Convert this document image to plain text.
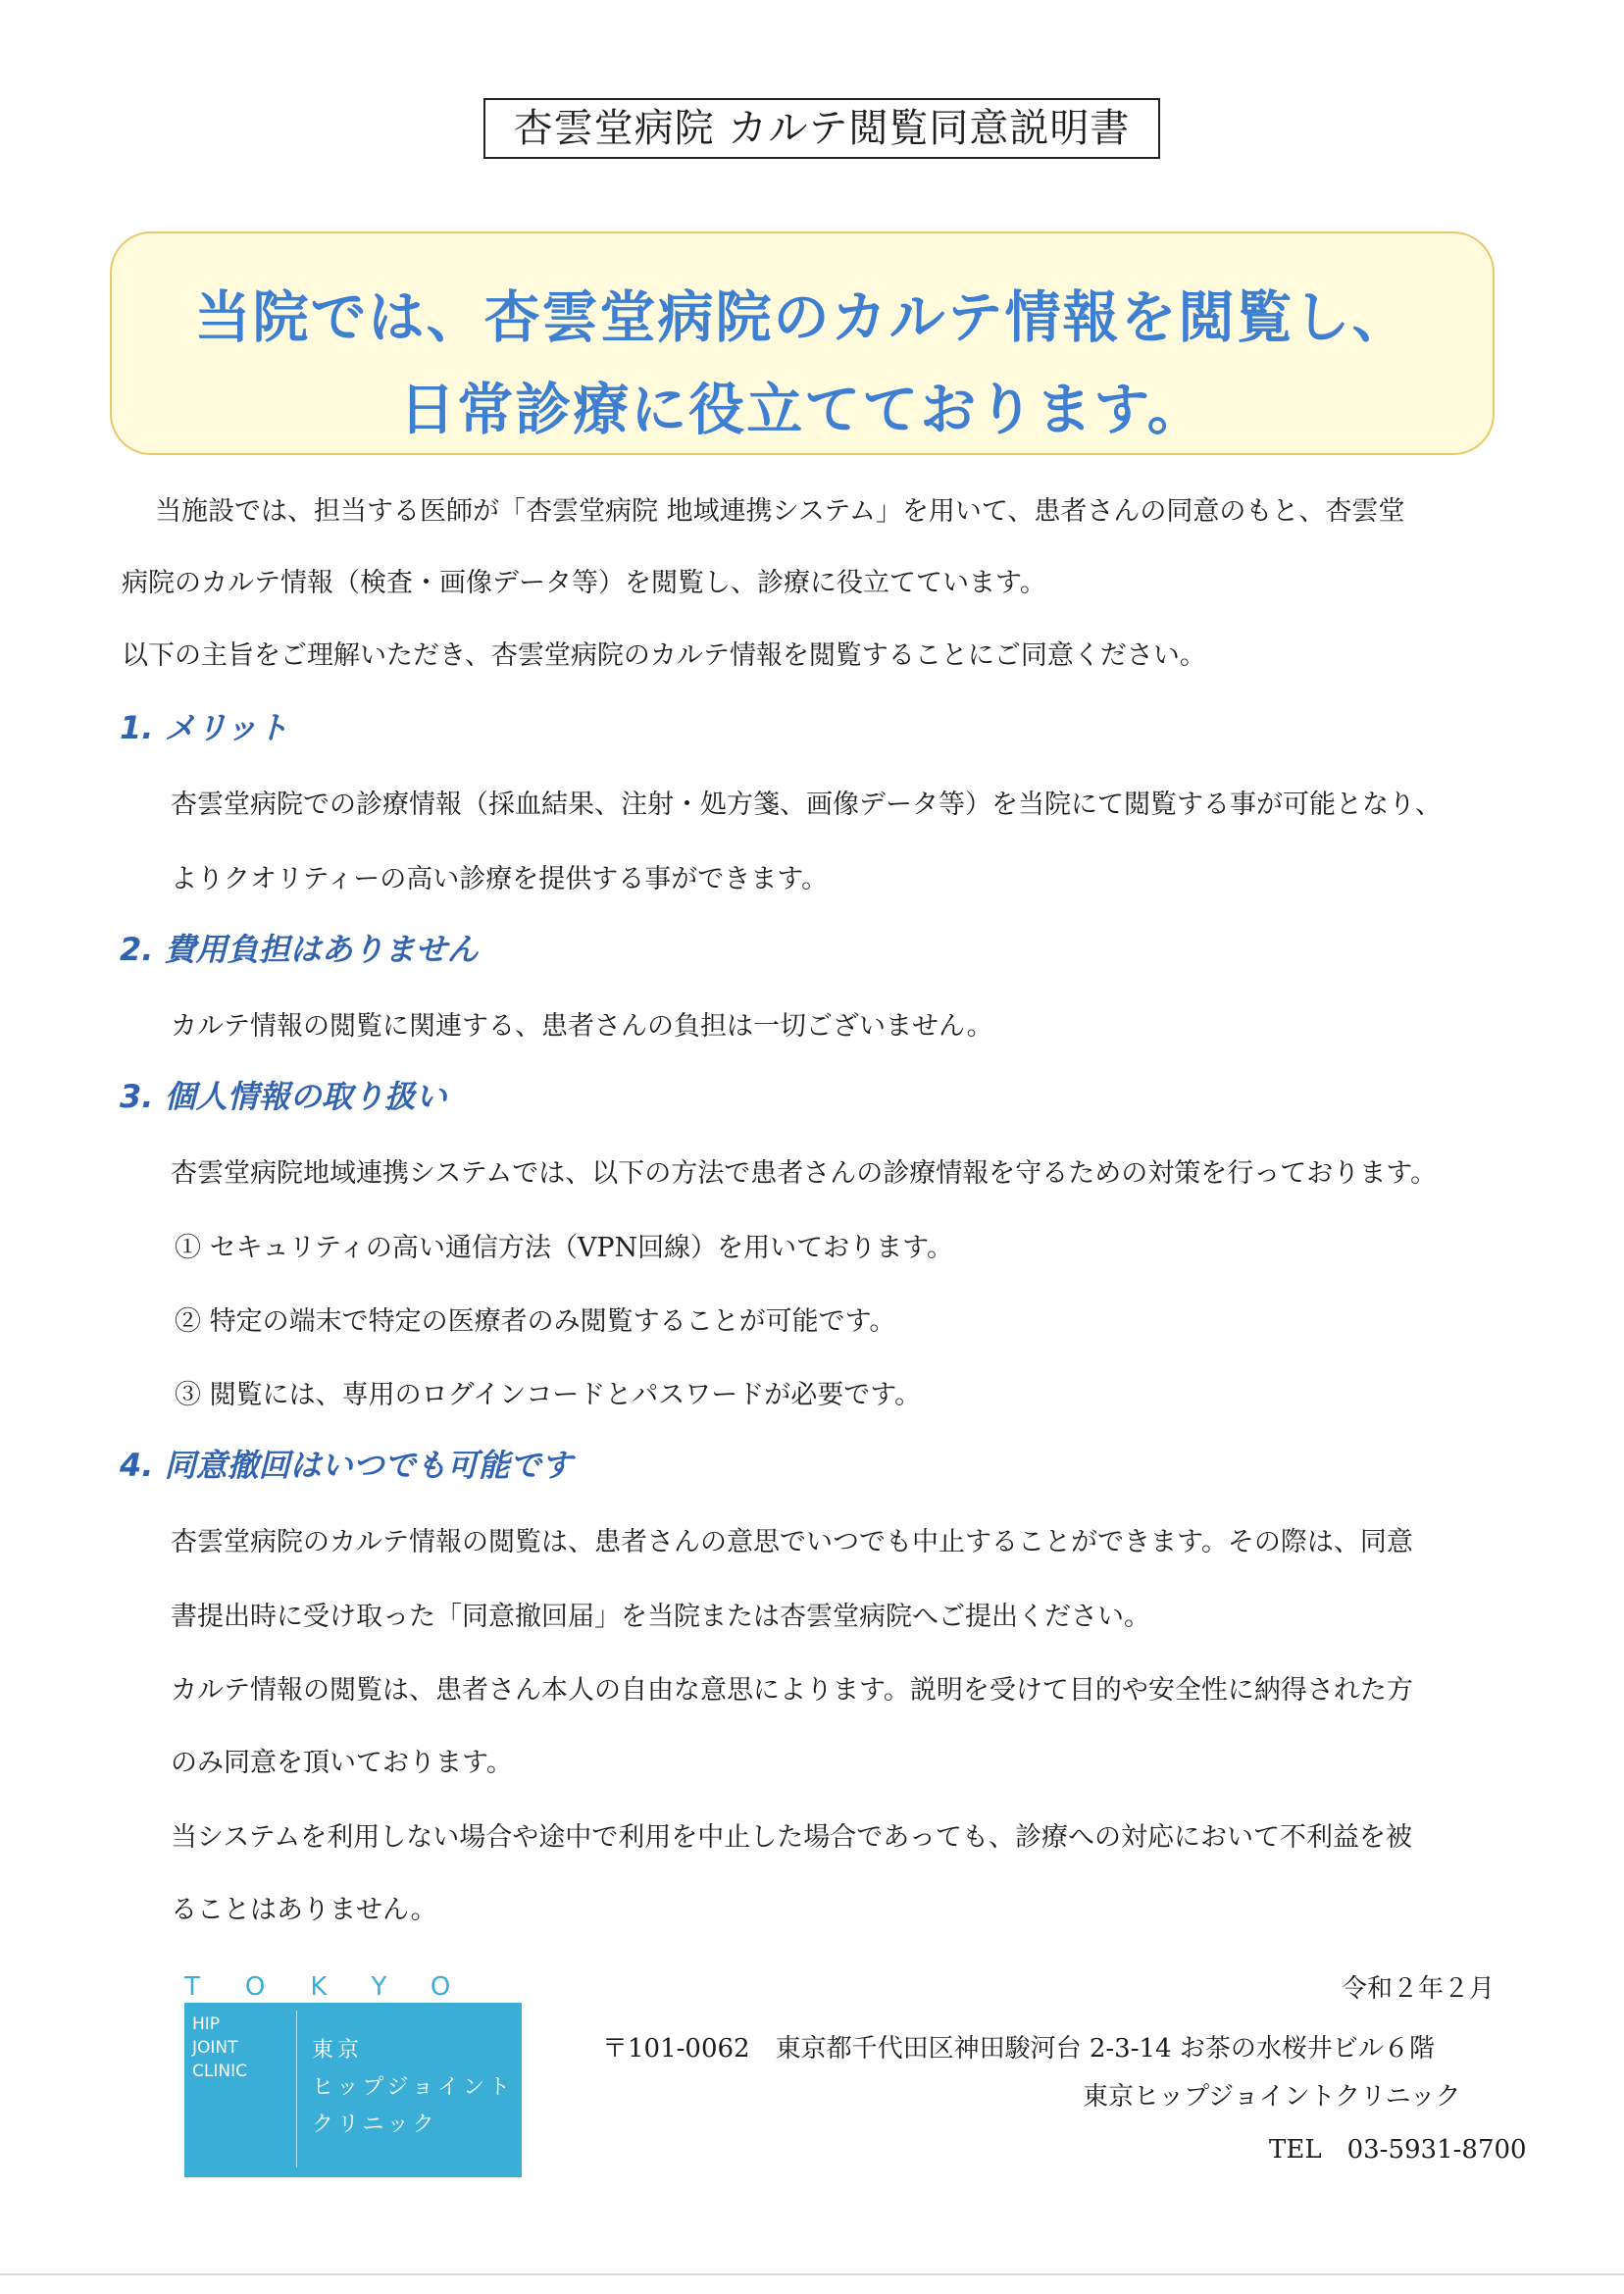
杏雲堂病院 カルテ閲覧同意説明書
当院では、杏雲堂病院のカルテ情報を閲覧し、
日常診療に役立てております。
当施設では、担当する医師が「杏雲堂病院 地域連携システム」を用いて、患者さんの同意のもと、杏雲堂
病院のカルテ情報（検査・画像データ等）を閲覧し、診療に役立てています。
以下の主旨をご理解いただき、杏雲堂病院のカルテ情報を閲覧することにご同意ください。
1. メリット
杏雲堂病院での診療情報（採血結果、注射・処方箋、画像データ等）を当院にて閲覧する事が可能となり、
よりクオリティーの高い診療を提供する事ができます。
2. 費用負担はありません
カルテ情報の閲覧に関連する、患者さんの負担は一切ございません。
3. 個人情報の取り扱い
杏雲堂病院地域連携システムでは、以下の方法で患者さんの診療情報を守るための対策を行っております。
① セキュリティの高い通信方法（VPN回線）を用いております。
② 特定の端末で特定の医療者のみ閲覧することが可能です。
③ 閲覧には、専用のログインコードとパスワードが必要です。
4. 同意撤回はいつでも可能です
杏雲堂病院のカルテ情報の閲覧は、患者さんの意思でいつでも中止することができます。その際は、同意
書提出時に受け取った「同意撤回届」を当院または杏雲堂病院へご提出ください。
カルテ情報の閲覧は、患者さん本人の自由な意思によります。説明を受けて目的や安全性に納得された方
のみ同意を頂いております。
当システムを利用しない場合や途中で利用を中止した場合であっても、診療への対応において不利益を被
ることはありません。
TOKYO
HIP
JOINT
CLINIC
東京
ヒップジョイント
クリニック
令和２年２月
〒101-0062　東京都千代田区神田駿河台 2-3-14 お茶の水桜井ビル６階
東京ヒップジョイントクリニック
TEL　03-5931-8700
